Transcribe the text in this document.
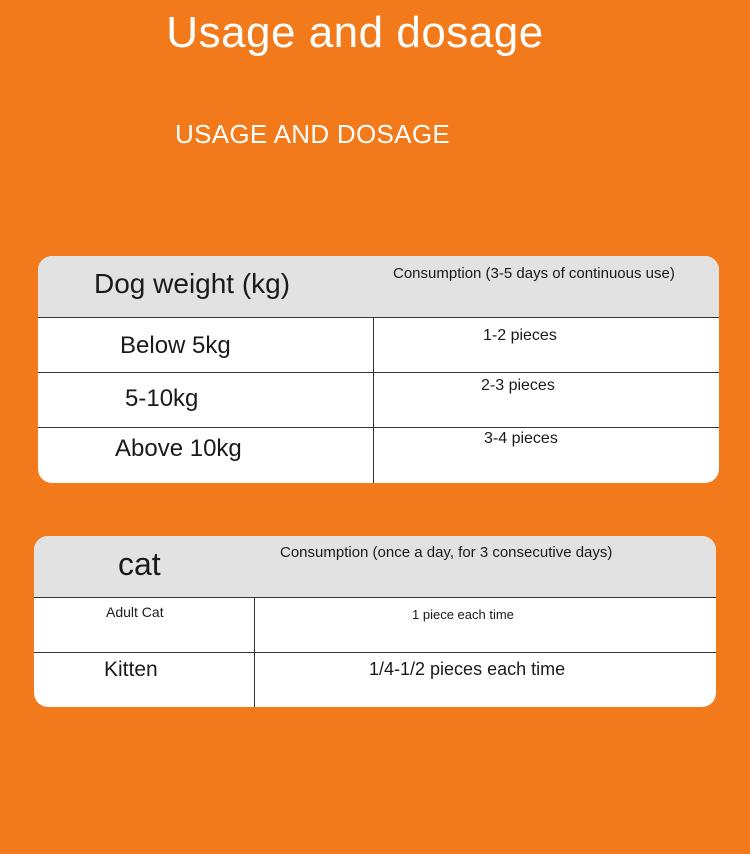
Usage and dosage
USAGE AND DOSAGE
Dog weight (kg)	Consumption (3-5 days of continuous use)
Below 5kg	1-2 pieces
5-10kg	2-3 pieces
Above 10kg	3-4 pieces
cat	Consumption (once a day, for 3 consecutive days)
Adult Cat	1 piece each time
Kitten	1/4-1/2 pieces each time
